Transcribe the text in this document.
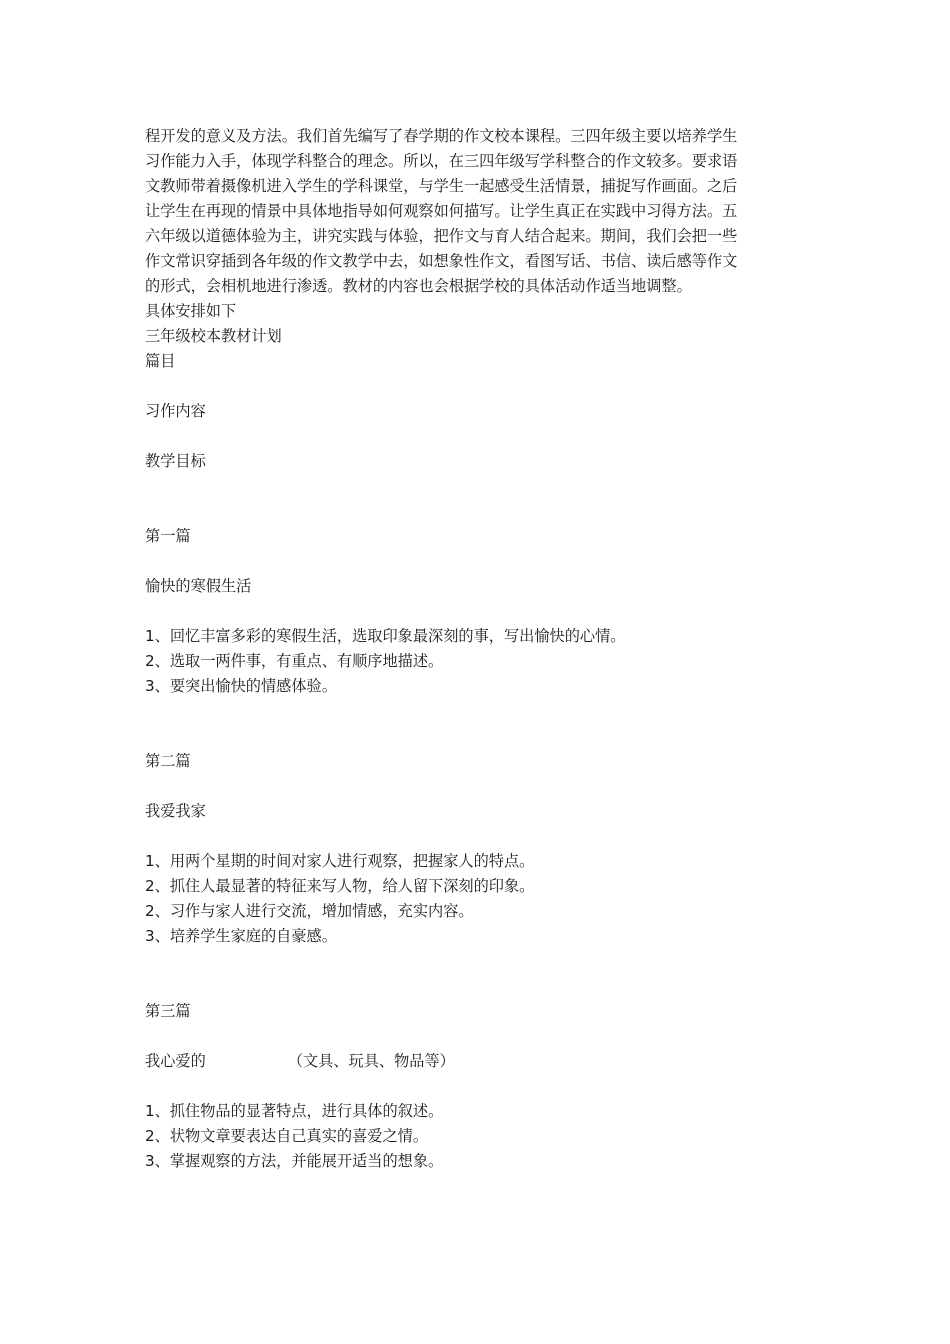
程开发的意义及方法。我们首先编写了春学期的作文校本课程。三四年级主要以培养学生
习作能力入手，体现学科整合的理念。所以，在三四年级写学科整合的作文较多。要求语
文教师带着摄像机进入学生的学科课堂，与学生一起感受生活情景，捕捉写作画面。之后
让学生在再现的情景中具体地指导如何观察如何描写。让学生真正在实践中习得方法。五
六年级以道德体验为主，讲究实践与体验，把作文与育人结合起来。期间，我们会把一些
作文常识穿插到各年级的作文教学中去，如想象性作文，看图写话、书信、读后感等作文
的形式，会相机地进行渗透。教材的内容也会根据学校的具体活动作适当地调整。
具体安排如下
三年级校本教材计划
篇目
习作内容
教学目标
第一篇
愉快的寒假生活
1、回忆丰富多彩的寒假生活，选取印象最深刻的事，写出愉快的心情。
2、选取一两件事，有重点、有顺序地描述。
3、要突出愉快的情感体验。
第二篇
我爱我家
1、用两个星期的时间对家人进行观察，把握家人的特点。
2、抓住人最显著的特征来写人物，给人留下深刻的印象。
2、习作与家人进行交流，增加情感，充实内容。
3、培养学生家庭的自豪感。
第三篇
我心爱的	（文具、玩具、物品等）
1、抓住物品的显著特点，进行具体的叙述。
2、状物文章要表达自己真实的喜爱之情。
3、掌握观察的方法，并能展开适当的想象。
